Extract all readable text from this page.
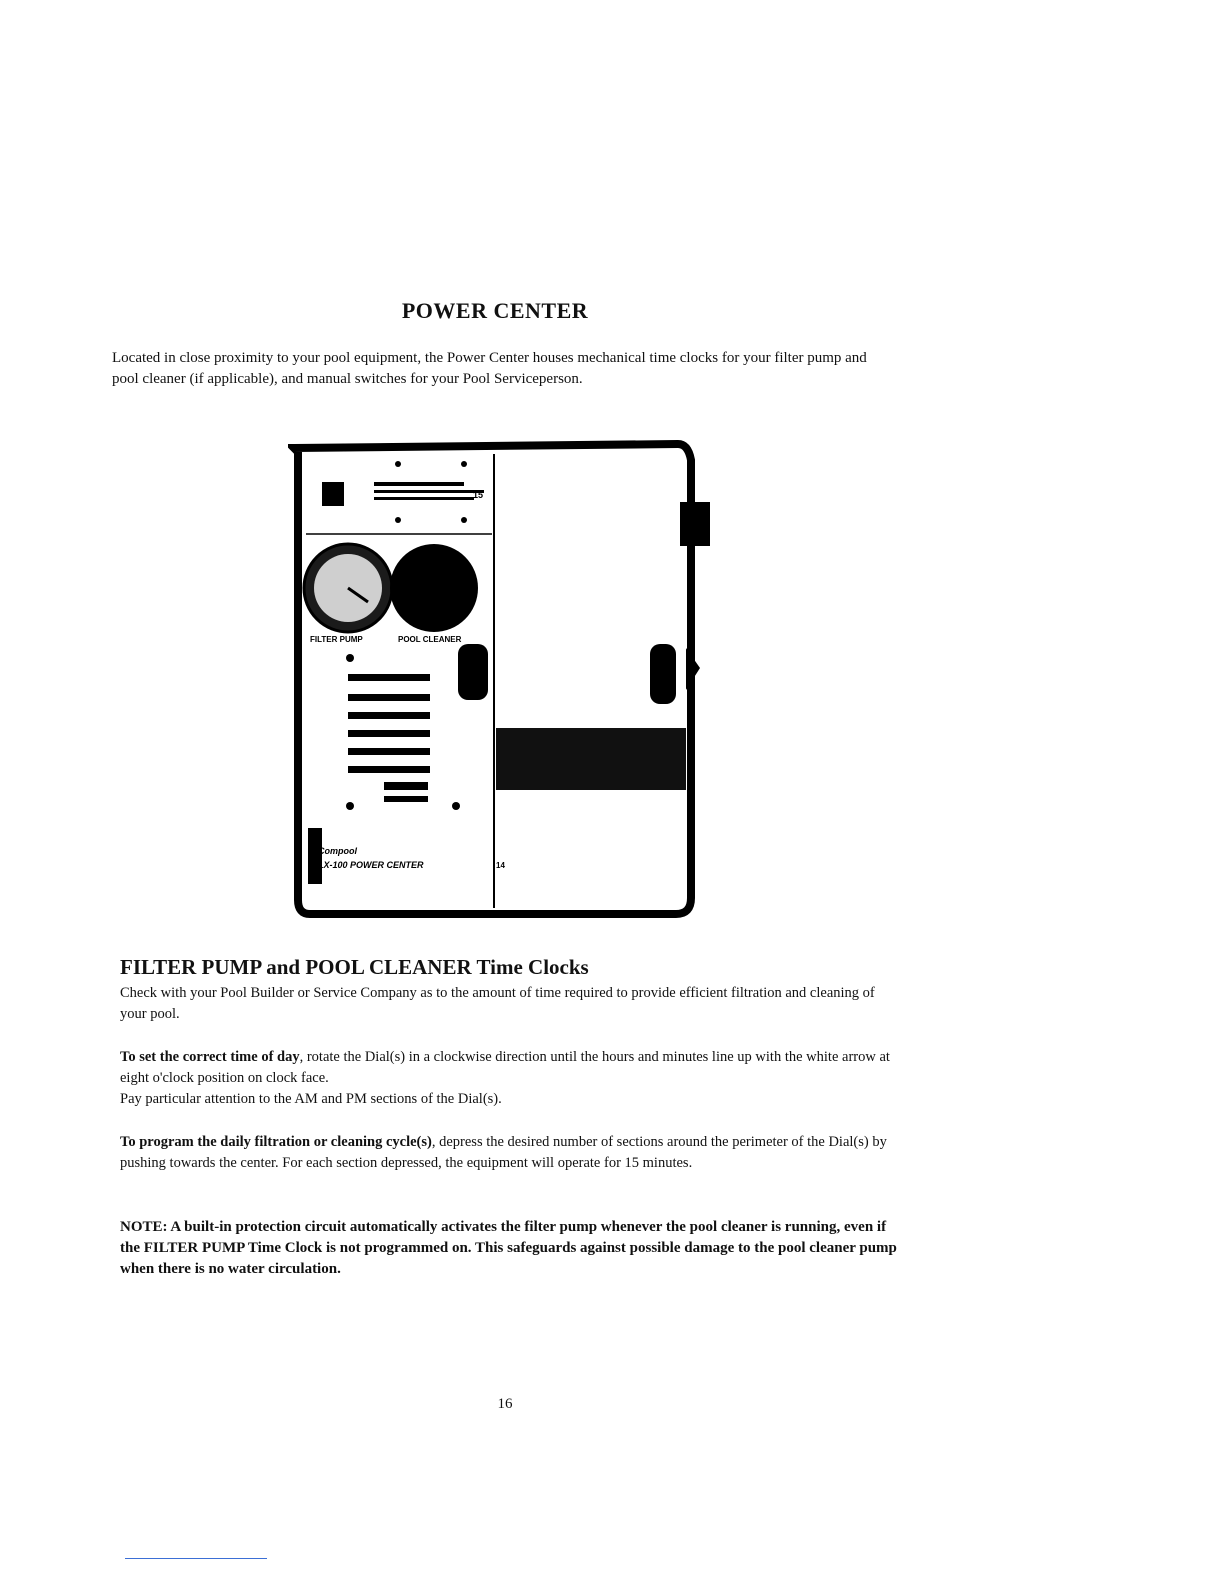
POWER CENTER
Located in close proximity to your pool equipment, the Power Center houses mechanical time clocks for your filter pump and pool cleaner (if applicable), and manual switches for your Pool Serviceperson.
15
FILTER PUMP	POOL CLEANER
Compool
LX-100 POWER CENTER	14
FILTER PUMP and POOL CLEANER Time Clocks
Check with your Pool Builder or Service Company as to the amount of time required to provide efficient filtration and cleaning of your pool.
To set the correct time of day, rotate the Dial(s) in a clockwise direction until the hours and minutes line up with the white arrow at eight o'clock position on clock face.
Pay particular attention to the AM and PM sections of the Dial(s).
To program the daily filtration or cleaning cycle(s), depress the desired number of sections around the perimeter of the Dial(s) by pushing towards the center. For each section depressed, the equipment will operate for 15 minutes.
NOTE: A built-in protection circuit automatically activates the filter pump whenever the pool cleaner is running, even if the FILTER PUMP Time Clock is not programmed on. This safeguards against possible damage to the pool cleaner pump when there is no water circulation.
16
